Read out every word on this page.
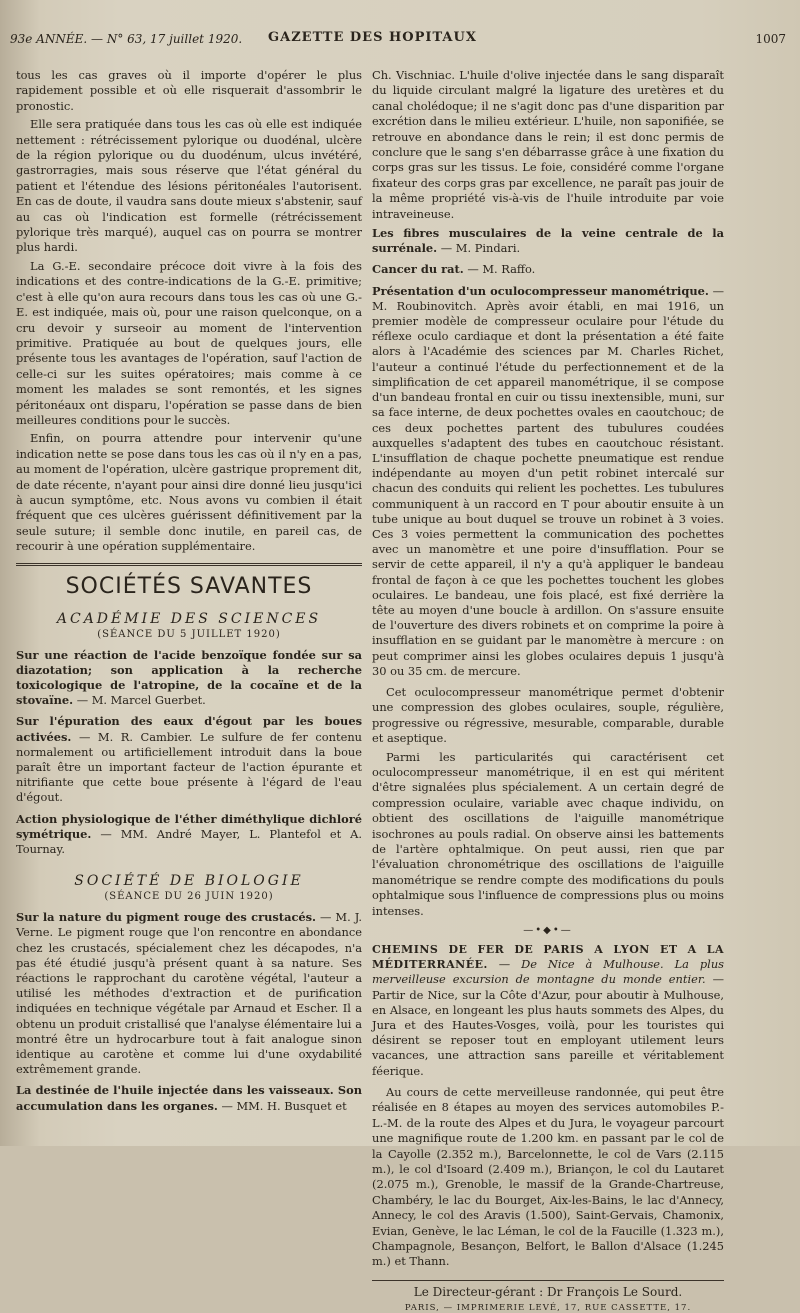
93e ANNÉE. — N° 63, 17 juillet 1920. GAZETTE DES HOPITAUX	1007

tous les cas graves où il importe d'opérer le plus rapidement possible et où elle risquerait d'assombrir le pronostic.

Elle sera pratiquée dans tous les cas où elle est indiquée nettement : rétrécissement pylorique ou duodénal, ulcère de la région pylorique ou du duodénum, ulcus invétéré, gastrorragies, mais sous réserve que l'état général du patient et l'étendue des lésions péritonéales l'autorisent. En cas de doute, il vaudra sans doute mieux s'abstenir, sauf au cas où l'indication est formelle (rétrécissement pylorique très marqué), auquel cas on pourra se montrer plus hardi.

La G.-E. secondaire précoce doit vivre à la fois des indications et des contre-indications de la G.-E. primitive; c'est à elle qu'on aura recours dans tous les cas où une G.-E. est indiquée, mais où, pour une raison quelconque, on a cru devoir y surseoir au moment de l'intervention primitive. Pratiquée au bout de quelques jours, elle présente tous les avantages de l'opération, sauf l'action de celle-ci sur les suites opératoires; mais comme à ce moment les malades se sont remontés, et les signes péritonéaux ont disparu, l'opération se passe dans de bien meilleures conditions pour le succès.

Enfin, on pourra attendre pour intervenir qu'une indication nette se pose dans tous les cas où il n'y en a pas, au moment de l'opération, ulcère gastrique proprement dit, de date récente, n'ayant pour ainsi dire donné lieu jusqu'ici à aucun symptôme, etc. Nous avons vu combien il était fréquent que ces ulcères guérissent définitivement par la seule suture; il semble donc inutile, en pareil cas, de recourir à une opération supplémentaire.

SOCIÉTÉS SAVANTES
ACADÉMIE DES SCIENCES
(SÉANCE DU 5 JUILLET 1920)

Sur une réaction de l'acide benzoïque fondée sur sa diazotation; son application à la recherche toxicologique de l'atropine, de la cocaïne et de la stovaïne. — M. Marcel Guerbet.

Sur l'épuration des eaux d'égout par les boues activées. — M. R. Cambier. Le sulfure de fer contenu normalement ou artificiellement introduit dans la boue paraît être un important facteur de l'action épurante et nitrifiante que cette boue présente à l'égard de l'eau d'égout.

Action physiologique de l'éther diméthylique dichloré symétrique. — MM. André Mayer, L. Plantefol et A. Tournay.

SOCIÉTÉ DE BIOLOGIE
(SÉANCE DU 26 JUIN 1920)

Sur la nature du pigment rouge des crustacés. — M. J. Verne. Le pigment rouge que l'on rencontre en abondance chez les crustacés, spécialement chez les décapodes, n'a pas été étudié jusqu'à présent quant à sa nature. Ses réactions le rapprochant du carotène végétal, l'auteur a utilisé les méthodes d'extraction et de purification indiquées en technique végétale par Arnaud et Escher. Il a obtenu un produit cristallisé que l'analyse élémentaire lui a montré être un hydrocarbure tout à fait analogue sinon identique au carotène et comme lui d'une oxydabilité extrêmement grande.

La destinée de l'huile injectée dans les vaisseaux. Son accumulation dans les organes. — MM. H. Busquet et

Ch. Vischniac. L'huile d'olive injectée dans le sang disparaît du liquide circulant malgré la ligature des uretères et du canal cholédoque; il ne s'agit donc pas d'une disparition par excrétion dans le milieu extérieur. L'huile, non saponifiée, se retrouve en abondance dans le rein; il est donc permis de conclure que le sang s'en débarrasse grâce à une fixation du corps gras sur les tissus. Le foie, considéré comme l'organe fixateur des corps gras par excellence, ne paraît pas jouir de la même propriété vis-à-vis de l'huile introduite par voie intraveineuse.

Les fibres musculaires de la veine centrale de la surrénale. — M. Pindari.

Cancer du rat. — M. Raffo.

Présentation d'un oculocompresseur manométrique. — M. Roubinovitch. Après avoir établi, en mai 1916, un premier modèle de compresseur oculaire pour l'étude du réflexe oculo cardiaque et dont la présentation a été faite alors à l'Académie des sciences par M. Charles Richet, l'auteur a continué l'étude du perfectionnement et de la simplification de cet appareil manométrique, il se compose d'un bandeau frontal en cuir ou tissu inextensible, muni, sur sa face interne, de deux pochettes ovales en caoutchouc; de ces deux pochettes partent des tubulures coudées auxquelles s'adaptent des tubes en caoutchouc résistant. L'insufflation de chaque pochette pneumatique est rendue indépendante au moyen d'un petit robinet intercalé sur chacun des conduits qui relient les pochettes. Les tubulures communiquent à un raccord en T pour aboutir ensuite à un tube unique au bout duquel se trouve un robinet à 3 voies. Ces 3 voies permettent la communication des pochettes avec un manomètre et une poire d'insufflation. Pour se servir de cette appareil, il n'y a qu'à appliquer le bandeau frontal de façon à ce que les pochettes touchent les globes oculaires. Le bandeau, une fois placé, est fixé derrière la tête au moyen d'une boucle à ardillon. On s'assure ensuite de l'ouverture des divers robinets et on comprime la poire à insufflation en se guidant par le manomètre à mercure : on peut comprimer ainsi les globes oculaires depuis 1 jusqu'à 30 ou 35 cm. de mercure.

Cet oculocompresseur manométrique permet d'obtenir une compression des globes oculaires, souple, régulière, progressive ou régressive, mesurable, comparable, durable et aseptique.

Parmi les particularités qui caractérisent cet oculocompresseur manométrique, il en est qui méritent d'être signalées plus spécialement. A un certain degré de compression oculaire, variable avec chaque individu, on obtient des oscillations de l'aiguille manométrique isochrones au pouls radial. On observe ainsi les battements de l'artère ophtalmique. On peut aussi, rien que par l'évaluation chronométrique des oscillations de l'aiguille manométrique se rendre compte des modifications du pouls ophtalmique sous l'influence de compressions plus ou moins intenses.

—•◆•—

CHEMINS DE FER DE PARIS A LYON ET A LA MÉDITERRANÉE. — De Nice à Mulhouse. La plus merveilleuse excursion de montagne du monde entier. — Partir de Nice, sur la Côte d'Azur, pour aboutir à Mulhouse, en Alsace, en longeant les plus hauts sommets des Alpes, du Jura et des Hautes-Vosges, voilà, pour les touristes qui désirent se reposer tout en employant utilement leurs vacances, une attraction sans pareille et véritablement féerique.

Au cours de cette merveilleuse randonnée, qui peut être réalisée en 8 étapes au moyen des services automobiles P.-L.-M. de la route des Alpes et du Jura, le voyageur parcourt une magnifique route de 1.200 km. en passant par le col de la Cayolle (2.352 m.), Barcelonnette, le col de Vars (2.115 m.), le col d'Isoard (2.409 m.), Briançon, le col du Lautaret (2.075 m.), Grenoble, le massif de la Grande-Chartreuse, Chambéry, le lac du Bourget, Aix-les-Bains, le lac d'Annecy, Annecy, le col des Aravis (1.500), Saint-Gervais, Chamonix, Evian, Genève, le lac Léman, le col de la Faucille (1.323 m.), Champagnole, Besançon, Belfort, le Ballon d'Alsace (1.245 m.) et Thann.

Le Directeur-gérant : Dr François Le Sourd.
PARIS, — IMPRIMERIE LEVÉ, 17, RUE CASSETTE, 17.
